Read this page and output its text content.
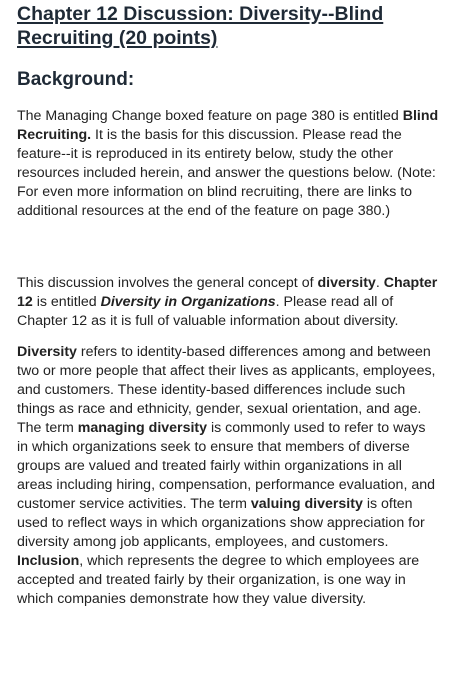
Chapter 12 Discussion: Diversity--Blind
Recruiting (20 points)
Background:

The Managing Change boxed feature on page 380 is entitled Blind Recruiting. It is the basis for this discussion. Please read the feature--it is reproduced in its entirety below, study the other resources included herein, and answer the questions below. (Note: For even more information on blind recruiting, there are links to additional resources at the end of the feature on page 380.)

This discussion involves the general concept of diversity. Chapter 12 is entitled Diversity in Organizations. Please read all of Chapter 12 as it is full of valuable information about diversity.

Diversity refers to identity-based differences among and between two or more people that affect their lives as applicants, employees, and customers. These identity-based differences include such things as race and ethnicity, gender, sexual orientation, and age. The term managing diversity is commonly used to refer to ways in which organizations seek to ensure that members of diverse groups are valued and treated fairly within organizations in all areas including hiring, compensation, performance evaluation, and customer service activities. The term valuing diversity is often used to reflect ways in which organizations show appreciation for diversity among job applicants, employees, and customers. Inclusion, which represents the degree to which employees are accepted and treated fairly by their organization, is one way in which companies demonstrate how they value diversity.
